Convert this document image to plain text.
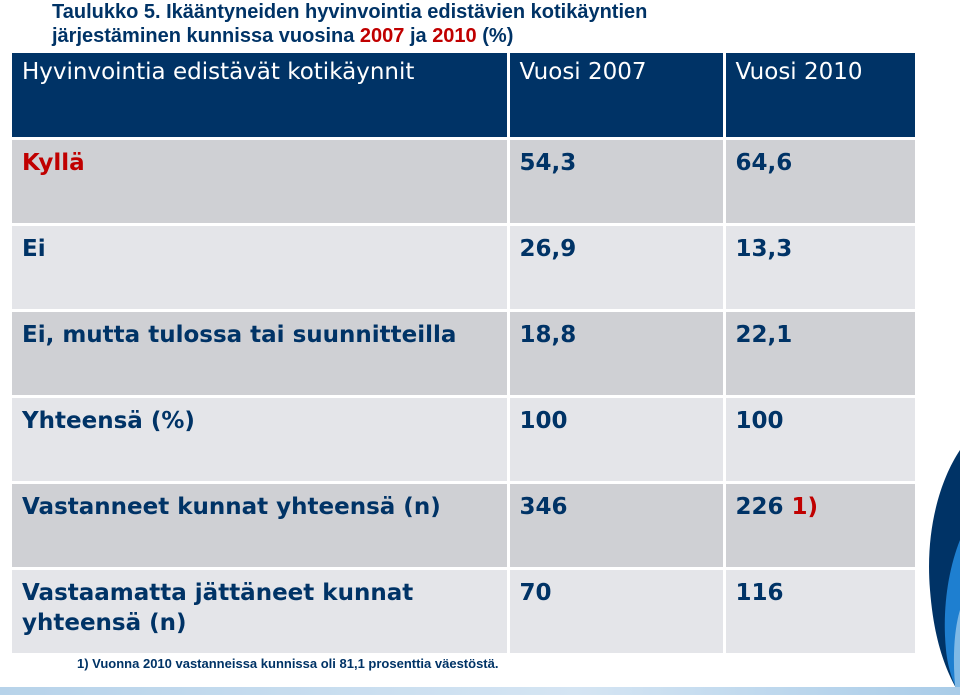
Taulukko 5. Ikääntyneiden hyvinvointia edistävien kotikäyntien
järjestäminen kunnissa vuosina 2007 ja 2010 (%)
Hyvinvointia edistävät kotikäynnit	Vuosi 2007	Vuosi 2010
Kyllä	54,3	64,6
Ei	26,9	13,3
Ei, mutta tulossa tai suunnitteilla	18,8	22,1
Yhteensä (%)	100	100
Vastanneet kunnat yhteensä (n)	346	226 1)
Vastaamatta jättäneet kunnat yhteensä (n)	70	116
1) Vuonna 2010 vastanneissa kunnissa oli 81,1 prosenttia väestöstä.
